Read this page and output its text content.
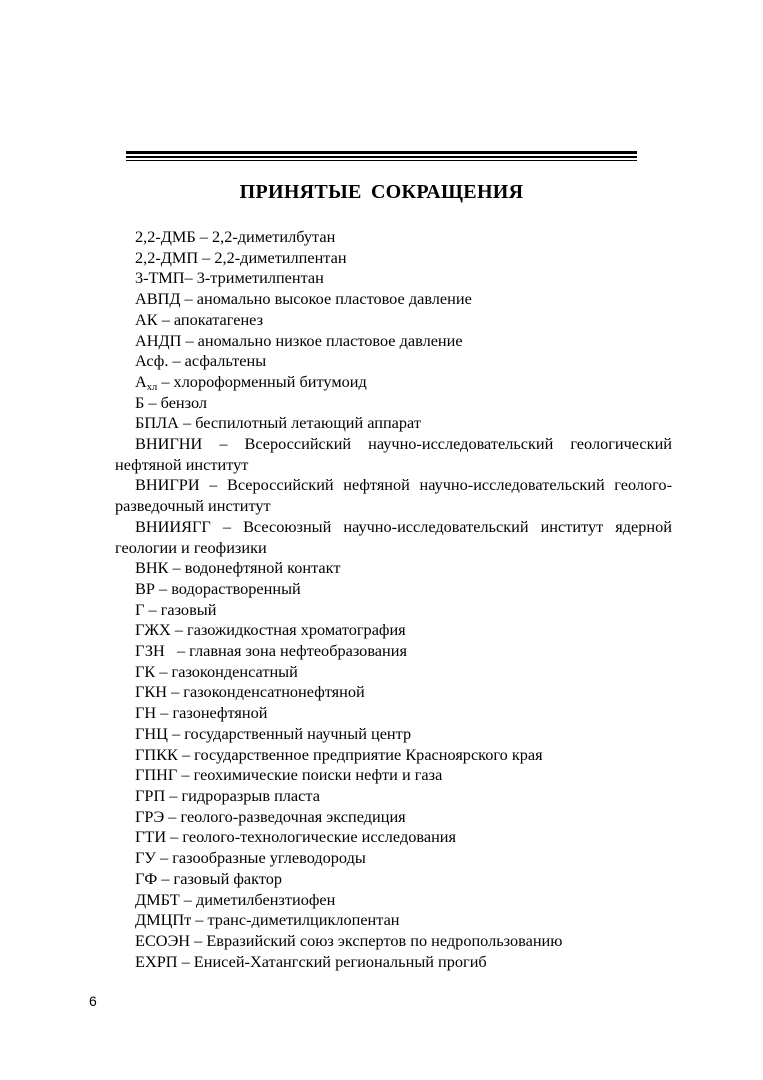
ПРИНЯТЫЕ СОКРАЩЕНИЯ
2,2-ДМБ – 2,2-диметилбутан
2,2-ДМП – 2,2-диметилпентан
3-ТМП– 3-триметилпентан
АВПД – аномально высокое пластовое давление
АК – апокатагенез
АНДП – аномально низкое пластовое давление
Асф. – асфальтены
$А_{хл}$ – хлороформенный битумоид
Б – бензол
БПЛА – беспилотный летающий аппарат
ВНИГНИ – Всероссийский научно-исследовательский геологический нефтяной институт
ВНИГРИ – Всероссийский нефтяной научно-исследовательский геолого-разведочный институт
ВНИИЯГГ – Всесоюзный научно-исследовательский институт ядерной геологии и геофизики
ВНК – водонефтяной контакт
ВР – водорастворенный
Г – газовый
ГЖХ – газожидкостная хроматография
ГЗН   – главная зона нефтеобразования
ГК – газоконденсатный
ГКН – газоконденсатнонефтяной
ГН – газонефтяной
ГНЦ – государственный научный центр
ГПКК – государственное предприятие Красноярского края
ГПНГ – геохимические поиски нефти и газа
ГРП – гидроразрыв пласта
ГРЭ – геолого-разведочная экспедиция
ГТИ – геолого-технологические исследования
ГУ – газообразные углеводороды
ГФ – газовый фактор
ДМБТ – диметилбензтиофен
ДМЦПт – транс-диметилциклопентан
ЕСОЭН – Евразийский союз экспертов по недропользованию
ЕХРП – Енисей-Хатангский региональный прогиб
6
